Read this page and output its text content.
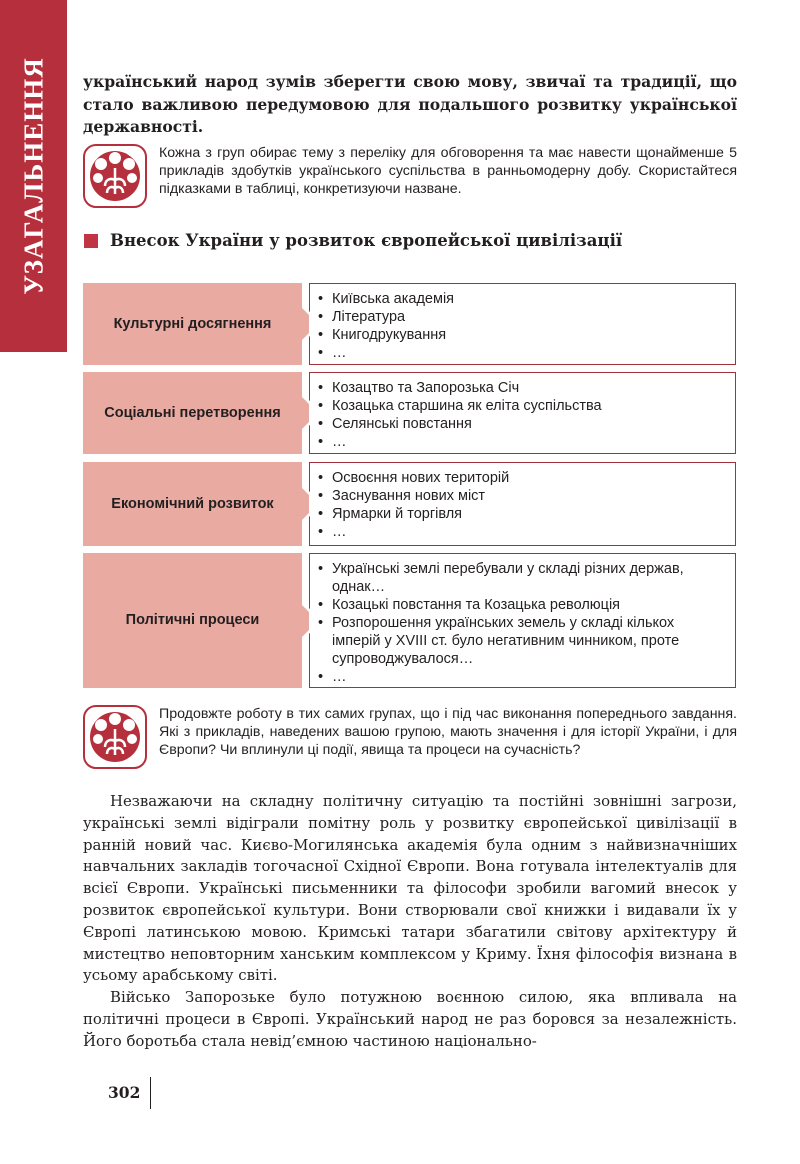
УЗАГАЛЬНЕННЯ український народ зумів зберегти свою мову, звичаї та традиції, що стало важливою передумовою для подальшого розвитку української державності.

Кожна з груп обирає тему з переліку для обговорення та має навести щонайменше 5 прикладів здобутків українського суспільства в ранньомодерну добу. Скористайтеся підказками в таблиці, конкретизуючи назване.

Внесок України у розвиток європейської цивілізації
Культурні досягнення
• Київська академія
• Література
• Книгодрукування
• …
Соціальні перетворення
• Козацтво та Запорозька Січ
• Козацька старшина як еліта суспільства
• Селянські повстання
• …
Економічний розвиток
• Освоєння нових територій
• Заснування нових міст
• Ярмарки й торгівля
• …
Політичні процеси
• Українські землі перебували у складі різних держав, однак…
• Козацькі повстання та Козацька революція
• Розпорошення українських земель у складі кількох імперій у XVIII ст. було негативним чинником, проте супроводжувалося…
• …

Продовжте роботу в тих самих групах, що і під час виконання попереднього завдання. Які з прикладів, наведених вашою групою, мають значення і для історії України, і для Європи? Чи вплинули ці події, явища та процеси на сучасність?

Незважаючи на складну політичну ситуацію та постійні зовнішні загрози, українські землі відіграли помітну роль у розвитку європейської цивілізації в ранній новий час. Києво-Могилянська академія була одним з найвизначніших навчальних закладів тогочасної Східної Європи. Вона готувала інтелектуалів для всієї Європи. Українські письменники та філософи зробили вагомий внесок у розвиток європейської культури. Вони створювали свої книжки і видавали їх у Європі латинською мовою. Кримські татари збагатили світову архітектуру й мистецтво неповторним ханським комплексом у Криму. Їхня філософія визнана в усьому арабському світі.

Військо Запорозьке було потужною воєнною силою, яка впливала на політичні процеси в Європі. Український народ не раз боровся за незалежність. Його боротьба стала невід’ємною частиною національно-

302
